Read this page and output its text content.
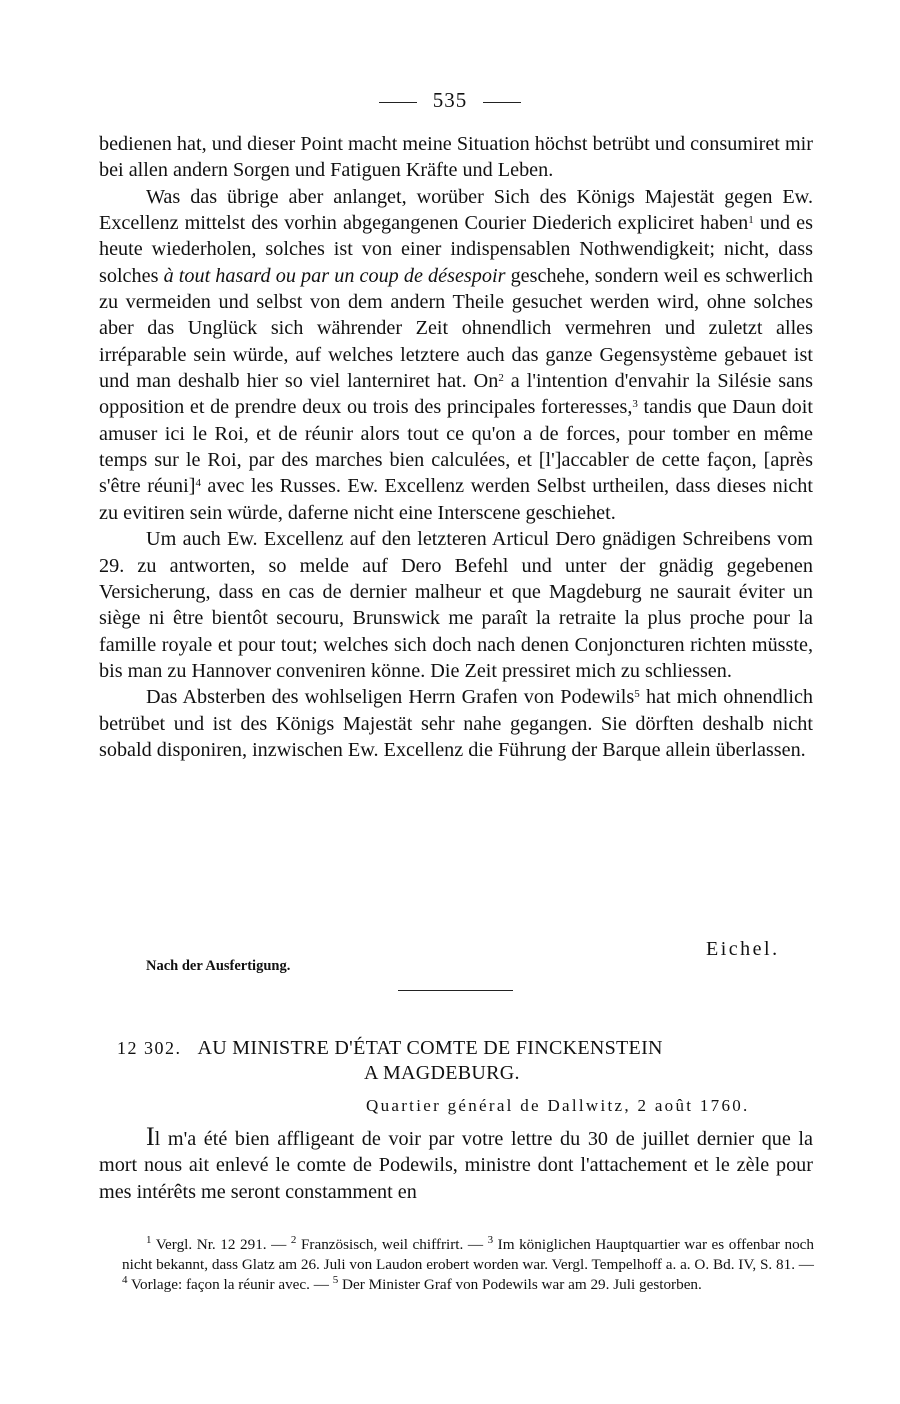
535

bedienen hat, und dieser Point macht meine Situation höchst betrübt und consumiret mir bei allen andern Sorgen und Fatiguen Kräfte und Leben.

Was das übrige aber anlanget, worüber Sich des Königs Majestät gegen Ew. Excellenz mittelst des vorhin abgegangenen Courier Diederich expliciret haben$^1$ und es heute wiederholen, solches ist von einer indispensablen Nothwendigkeit; nicht, dass solches à tout hasard ou par un coup de désespoir geschehe, sondern weil es schwerlich zu vermeiden und selbst von dem andern Theile gesuchet werden wird, ohne solches aber das Unglück sich währender Zeit ohnendlich vermehren und zuletzt alles irréparable sein würde, auf welches letztere auch das ganze Gegensystème gebauet ist und man deshalb hier so viel lanterniret hat. On$^2$ a l'intention d'envahir la Silésie sans opposition et de prendre deux ou trois des principales forteresses,$^3$ tandis que Daun doit amuser ici le Roi, et de réunir alors tout ce qu'on a de forces, pour tomber en même temps sur le Roi, par des marches bien calculées, et [l']accabler de cette façon, [après s'être réuni]$^4$ avec les Russes. Ew. Excellenz werden Selbst urtheilen, dass dieses nicht zu evitiren sein würde, daferne nicht eine Interscene geschiehet.

Um auch Ew. Excellenz auf den letzteren Articul Dero gnädigen Schreibens vom 29. zu antworten, so melde auf Dero Befehl und unter der gnädig gegebenen Versicherung, dass en cas de dernier malheur et que Magdeburg ne saurait éviter un siège ni être bientôt secouru, Brunswick me paraît la retraite la plus proche pour la famille royale et pour tout; welches sich doch nach denen Conjoncturen richten müsste, bis man zu Hannover conveniren könne. Die Zeit pressiret mich zu schliessen.

Das Absterben des wohlseligen Herrn Grafen von Podewils$^5$ hat mich ohnendlich betrübet und ist des Königs Majestät sehr nahe gegangen. Sie dörften deshalb nicht sobald disponiren, inzwischen Ew. Excellenz die Führung der Barque allein überlassen.

Eichel.
Nach der Ausfertigung.
12 302. AU MINISTRE D'ÉTAT COMTE DE FINCKENSTEIN
A MAGDEBURG.
Quartier général de Dallwitz, 2 août 1760.

Il m'a été bien affligeant de voir par votre lettre du 30 de juillet dernier que la mort nous ait enlevé le comte de Podewils, ministre dont l'attachement et le zèle pour mes intérêts me seront constamment en

$^1$ Vergl. Nr. 12 291. — $^2$ Französisch, weil chiffrirt. — $^3$ Im königlichen Hauptquartier war es offenbar noch nicht bekannt, dass Glatz am 26. Juli von Laudon erobert worden war. Vergl. Tempelhoff a. a. O. Bd. IV, S. 81. — $^4$ Vorlage: façon la réunir avec. — $^5$ Der Minister Graf von Podewils war am 29. Juli gestorben.
